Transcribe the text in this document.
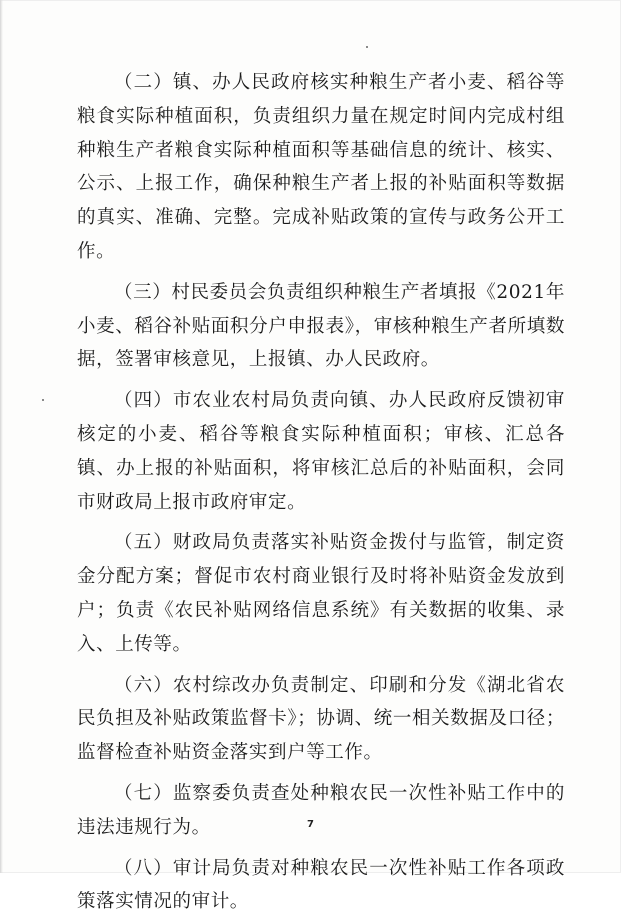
（二）镇、办人民政府核实种粮生产者小麦、稻谷等粮食实际种植面积，负责组织力量在规定时间内完成村组种粮生产者粮食实际种植面积等基础信息的统计、核实、公示、上报工作，确保种粮生产者上报的补贴面积等数据的真实、准确、完整。完成补贴政策的宣传与政务公开工作。

（三）村民委员会负责组织种粮生产者填报《2021年小麦、稻谷补贴面积分户申报表》，审核种粮生产者所填数据，签署审核意见，上报镇、办人民政府。

（四）市农业农村局负责向镇、办人民政府反馈初审核定的小麦、稻谷等粮食实际种植面积；审核、汇总各镇、办上报的补贴面积，将审核汇总后的补贴面积，会同市财政局上报市政府审定。

（五）财政局负责落实补贴资金拨付与监管，制定资金分配方案；督促市农村商业银行及时将补贴资金发放到户；负责《农民补贴网络信息系统》有关数据的收集、录入、上传等。

（六）农村综改办负责制定、印刷和分发《湖北省农民负担及补贴政策监督卡》；协调、统一相关数据及口径；监督检查补贴资金落实到户等工作。

（七）监察委负责查处种粮农民一次性补贴工作中的违法违规行为。

（八）审计局负责对种粮农民一次性补贴工作各项政策落实情况的审计。

7
